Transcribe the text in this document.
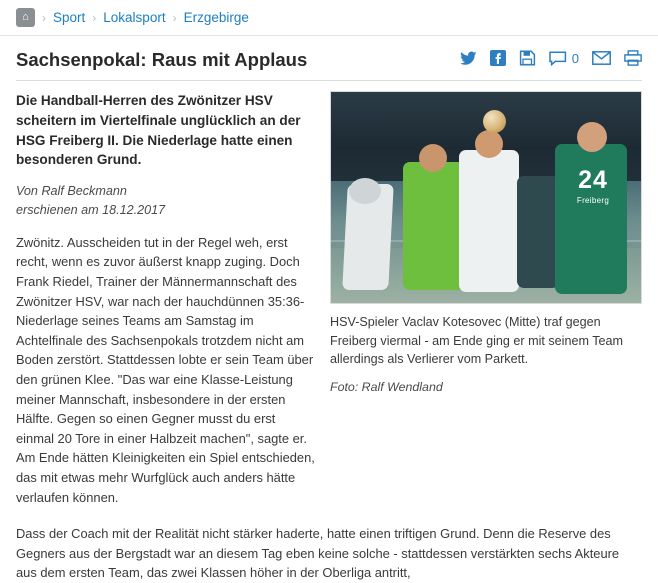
⌂	› Sport › Lokalsport › Erzgebirge
Sachsenpokal: Raus mit Applaus	0

Die Handball-Herren des Zwönitzer HSV scheitern im Viertelfinale unglücklich an der HSG Freiberg II. Die Niederlage hatte einen besonderen Grund.

Von Ralf Beckmann
erschienen am 18.12.2017

Zwönitz. Ausscheiden tut in der Regel weh, erst recht, wenn es zuvor äußerst knapp zuging. Doch Frank Riedel, Trainer der Männermannschaft des Zwönitzer HSV, war nach der hauchdünnen 35:36-Niederlage seines Teams am Samstag im Achtelfinale des Sachsenpokals trotzdem nicht am Boden zerstört. Stattdessen lobte er sein Team über den grünen Klee. "Das war eine Klasse-Leistung meiner Mannschaft, insbesondere in der ersten Hälfte. Gegen so einen Gegner musst du erst einmal 20 Tore in einer Halbzeit machen", sagte er. Am Ende hätten Kleinigkeiten ein Spiel entschieden, das mit etwas mehr Wurfglück auch anders hätte verlaufen können.

24
Freiberg

HSV-Spieler Vaclav Kotesovec (Mitte) traf gegen Freiberg viermal - am Ende ging er mit seinem Team allerdings als Verlierer vom Parkett.

Foto: Ralf Wendland

Dass der Coach mit der Realität nicht stärker haderte, hatte einen triftigen Grund. Denn die Reserve des Gegners aus der Bergstadt war an diesem Tag eben keine solche - stattdessen verstärkten sechs Akteure aus dem ersten Team, das zwei Klassen höher in der Oberliga antritt,
